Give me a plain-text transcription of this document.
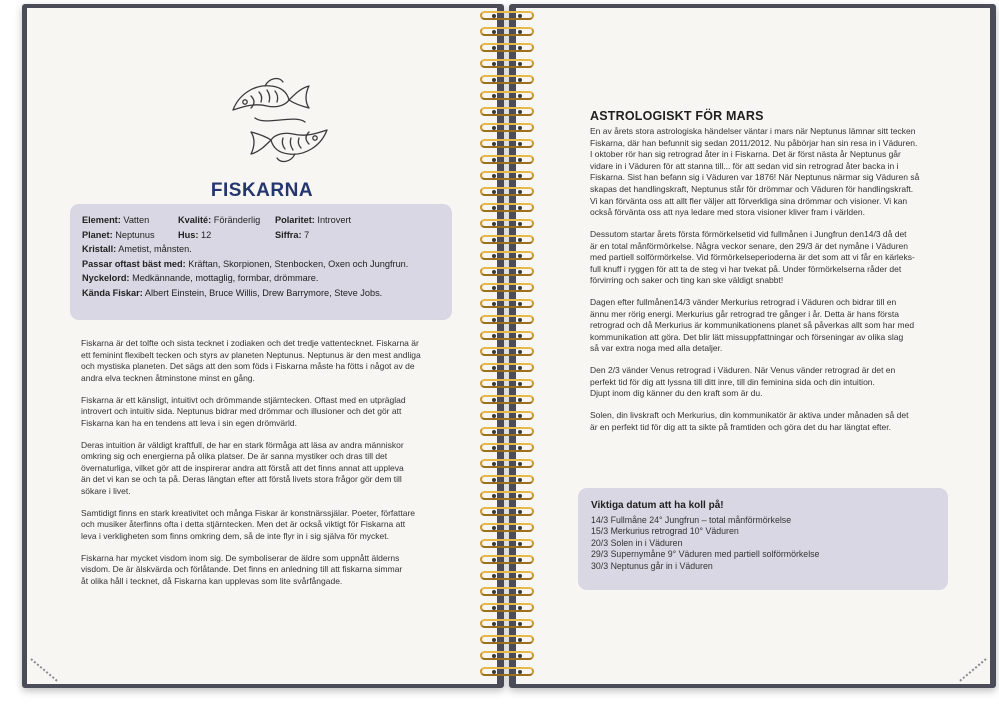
FISKARNA
Element: Vatten	Kvalité: Föränderlig Polaritet: Introvert
Planet: Neptunus	Hus: 12	Siffra: 7
Kristall: Ametist, månsten.
Passar oftast bäst med: Kräftan, Skorpionen, Stenbocken, Oxen och Jungfrun.
Nyckelord: Medkännande, mottaglig, formbar, drömmare.
Kända Fiskar: Albert Einstein, Bruce Willis, Drew Barrymore, Steve Jobs.

Fiskarna är det tolfte och sista tecknet i zodiaken och det tredje vattentecknet. Fiskarna är
ett feminint flexibelt tecken och styrs av planeten Neptunus. Neptunus är den mest andliga
och mystiska planeten. Det sägs att den som föds i Fiskarna måste ha fötts i något av de
andra elva tecknen åtminstone minst en gång.

Fiskarna är ett känsligt, intuitivt och drömmande stjärntecken. Oftast med en utpräglad
introvert och intuitiv sida. Neptunus bidrar med drömmar och illusioner och det gör att
Fiskarna kan ha en tendens att leva i sin egen drömvärld.

Deras intuition är väldigt kraftfull, de har en stark förmåga att läsa av andra människor
omkring sig och energierna på olika platser. De är sanna mystiker och dras till det
övernaturliga, vilket gör att de inspirerar andra att förstå att det finns annat att uppleva
än det vi kan se och ta på. Deras längtan efter att förstå livets stora frågor gör dem till
sökare i livet.

Samtidigt finns en stark kreativitet och många Fiskar är konstnärssjälar. Poeter, författare
och musiker återfinns ofta i detta stjärntecken. Men det är också viktigt för Fiskarna att
leva i verkligheten som finns omkring dem, så de inte flyr in i sig själva för mycket.

Fiskarna har mycket visdom inom sig. De symboliserar de äldre som uppnått älderns
visdom. De är älskvärda och förlåtande. Det finns en anledning till att fiskarna simmar
åt olika håll i tecknet, då Fiskarna kan upplevas som lite svårfångade.

ASTROLOGISKT FÖR MARS

En av årets stora astrologiska händelser väntar i mars när Neptunus lämnar sitt tecken
Fiskarna, där han befunnit sig sedan 2011/2012. Nu påbörjar han sin resa in i Väduren.
I oktober rör han sig retrograd åter in i Fiskarna. Det är först nästa år Neptunus går
vidare in i Väduren för att stanna till... för att sedan vid sin retrograd åter backa in i
Fiskarna. Sist han befann sig i Väduren var 1876! När Neptunus närmar sig Väduren så
skapas det handlingskraft, Neptunus står för drömmar och Väduren för handlingskraft.
Vi kan förvänta oss att allt fler väljer att förverkliga sina drömmar och visioner. Vi kan
också förvänta oss att nya ledare med stora visioner kliver fram i världen.

Dessutom startar årets första förmörkelsetid vid fullmånen i Jungfrun den14/3 då det
är en total månförmörkelse. Några veckor senare, den 29/3 är det nymåne i Väduren
med partiell solförmörkelse. Vid förmörkelseperioderna är det som att vi får en kärleks-
full knuff i ryggen för att ta de steg vi har tvekat på. Under förmörkelserna råder det
förvirring och saker och ting kan ske väldigt snabbt!

Dagen efter fullmånen14/3 vänder Merkurius retrograd i Väduren och bidrar till en
ännu mer rörig energi. Merkurius går retrograd tre gånger i år. Detta är hans första
retrograd och då Merkurius är kommunikationens planet så påverkas allt som har med
kommunikation att göra. Det blir lätt missuppfattningar och förseningar av olika slag
så var extra noga med alla detaljer.

Den 2/3 vänder Venus retrograd i Väduren. När Venus vänder retrograd är det en
perfekt tid för dig att lyssna till ditt inre, till din feminina sida och din intuition.
Djupt inom dig känner du den kraft som är du.

Solen, din livskraft och Merkurius, din kommunikatör är aktiva under månaden så det
är en perfekt tid för dig att ta sikte på framtiden och göra det du har längtat efter.

Viktiga datum att ha koll på!
14/3 Fullmåne 24° Jungfrun – total månförmörkelse
15/3 Merkurius retrograd 10° Väduren
20/3 Solen in i Väduren
29/3 Supernymåne 9° Väduren med partiell solförmörkelse
30/3 Neptunus går in i Väduren
